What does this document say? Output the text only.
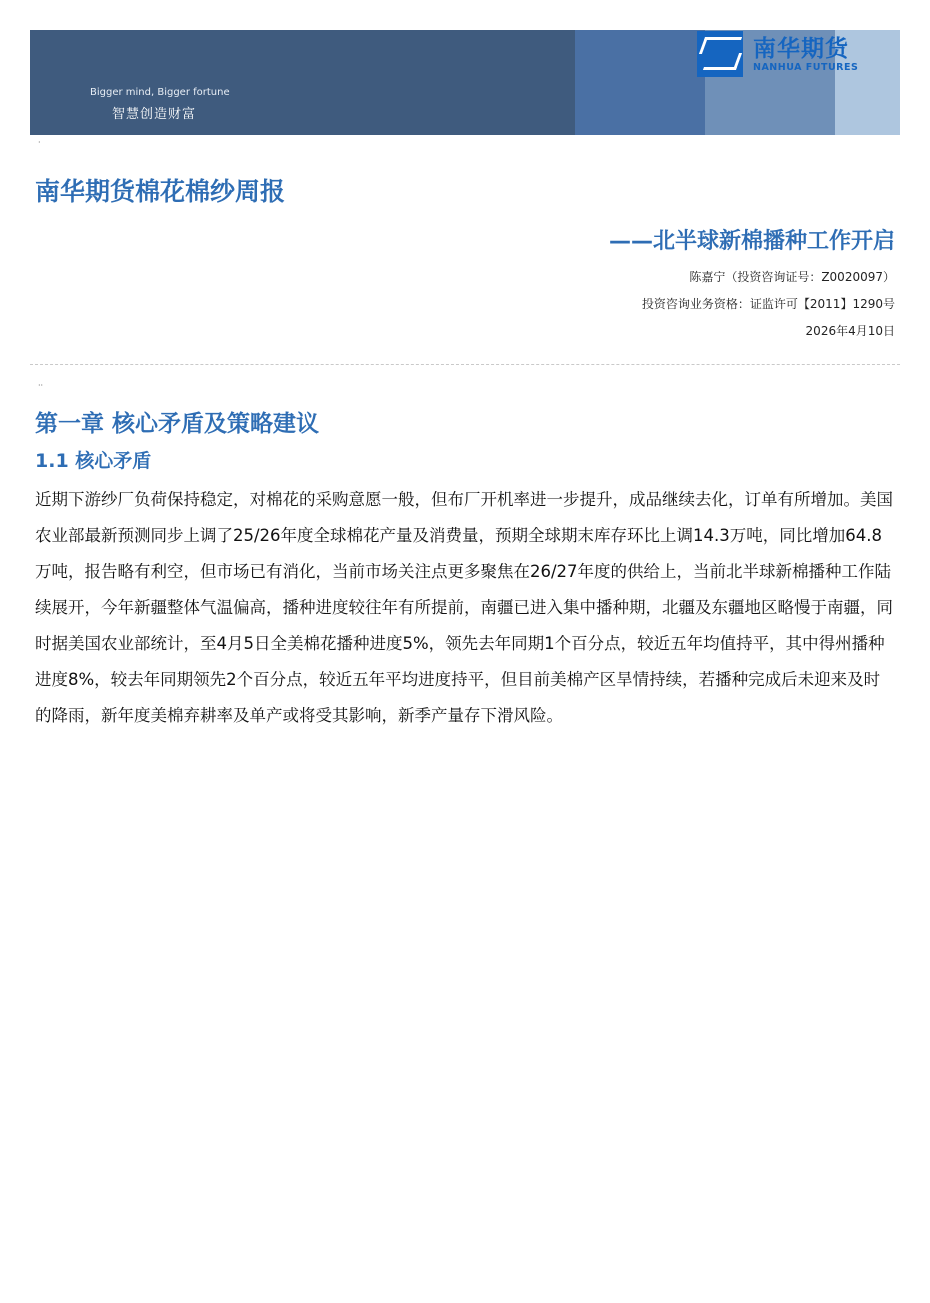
Bigger mind, Bigger fortune
智慧创造财富
南华期货
NANHUA FUTURES
·
南华期货棉花棉纱周报
——北半球新棉播种工作开启
陈嘉宁（投资咨询证号：Z0020097）
投资咨询业务资格：证监许可【2011】1290号
2026年4月10日
··
第一章 核心矛盾及策略建议
1.1 核心矛盾
近期下游纱厂负荷保持稳定，对棉花的采购意愿一般，但布厂开机率进一步提升，成品继续去化，订单有所增加。美国农业部最新预测同步上调了25/26年度全球棉花产量及消费量，预期全球期末库存环比上调14.3万吨，同比增加64.8万吨，报告略有利空，但市场已有消化，当前市场关注点更多聚焦在26/27年度的供给上，当前北半球新棉播种工作陆续展开，今年新疆整体气温偏高，播种进度较往年有所提前，南疆已进入集中播种期，北疆及东疆地区略慢于南疆，同时据美国农业部统计，至4月5日全美棉花播种进度5%，领先去年同期1个百分点，较近五年均值持平，其中得州播种进度8%，较去年同期领先2个百分点，较近五年平均进度持平，但目前美棉产区旱情持续，若播种完成后未迎来及时的降雨，新年度美棉弃耕率及单产或将受其影响，新季产量存下滑风险。
